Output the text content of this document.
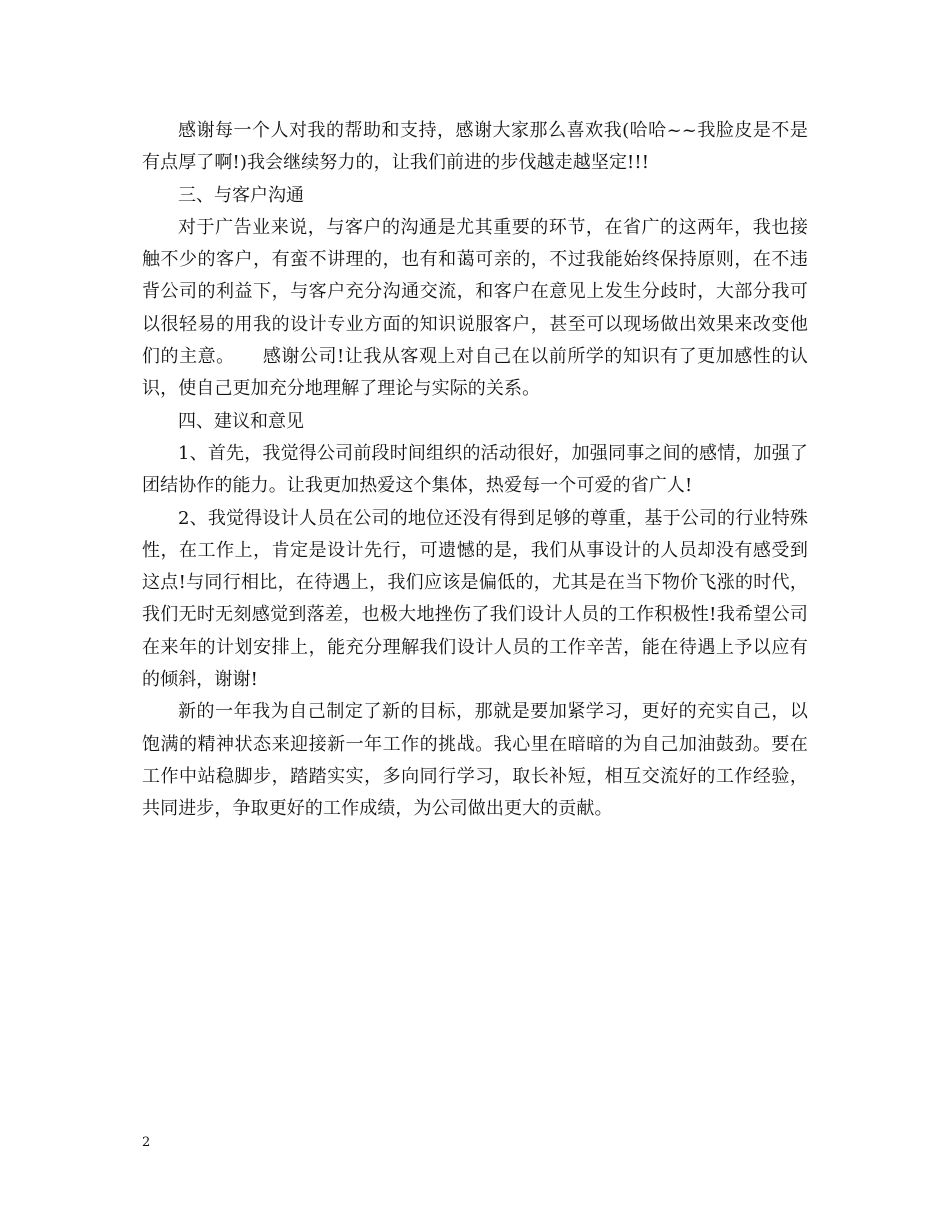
感谢每一个人对我的帮助和支持，感谢大家那么喜欢我(哈哈~~我脸皮是不是有点厚了啊!)我会继续努力的，让我们前进的步伐越走越坚定!!!

三、与客户沟通

对于广告业来说，与客户的沟通是尤其重要的环节，在省广的这两年，我也接触不少的客户，有蛮不讲理的，也有和蔼可亲的，不过我能始终保持原则，在不违背公司的利益下，与客户充分沟通交流，和客户在意见上发生分歧时，大部分我可以很轻易的用我的设计专业方面的知识说服客户，甚至可以现场做出效果来改变他们的主意。　　感谢公司!让我从客观上对自己在以前所学的知识有了更加感性的认识，使自己更加充分地理解了理论与实际的关系。

四、建议和意见

1、首先，我觉得公司前段时间组织的活动很好，加强同事之间的感情，加强了团结协作的能力。让我更加热爱这个集体，热爱每一个可爱的省广人!

2、我觉得设计人员在公司的地位还没有得到足够的尊重，基于公司的行业特殊性，在工作上，肯定是设计先行，可遗憾的是，我们从事设计的人员却没有感受到这点!与同行相比，在待遇上，我们应该是偏低的，尤其是在当下物价飞涨的时代，我们无时无刻感觉到落差，也极大地挫伤了我们设计人员的工作积极性!我希望公司在来年的计划安排上，能充分理解我们设计人员的工作辛苦，能在待遇上予以应有的倾斜，谢谢!

新的一年我为自己制定了新的目标，那就是要加紧学习，更好的充实自己，以饱满的精神状态来迎接新一年工作的挑战。我心里在暗暗的为自己加油鼓劲。要在工作中站稳脚步，踏踏实实，多向同行学习，取长补短，相互交流好的工作经验，共同进步，争取更好的工作成绩，为公司做出更大的贡献。

2
